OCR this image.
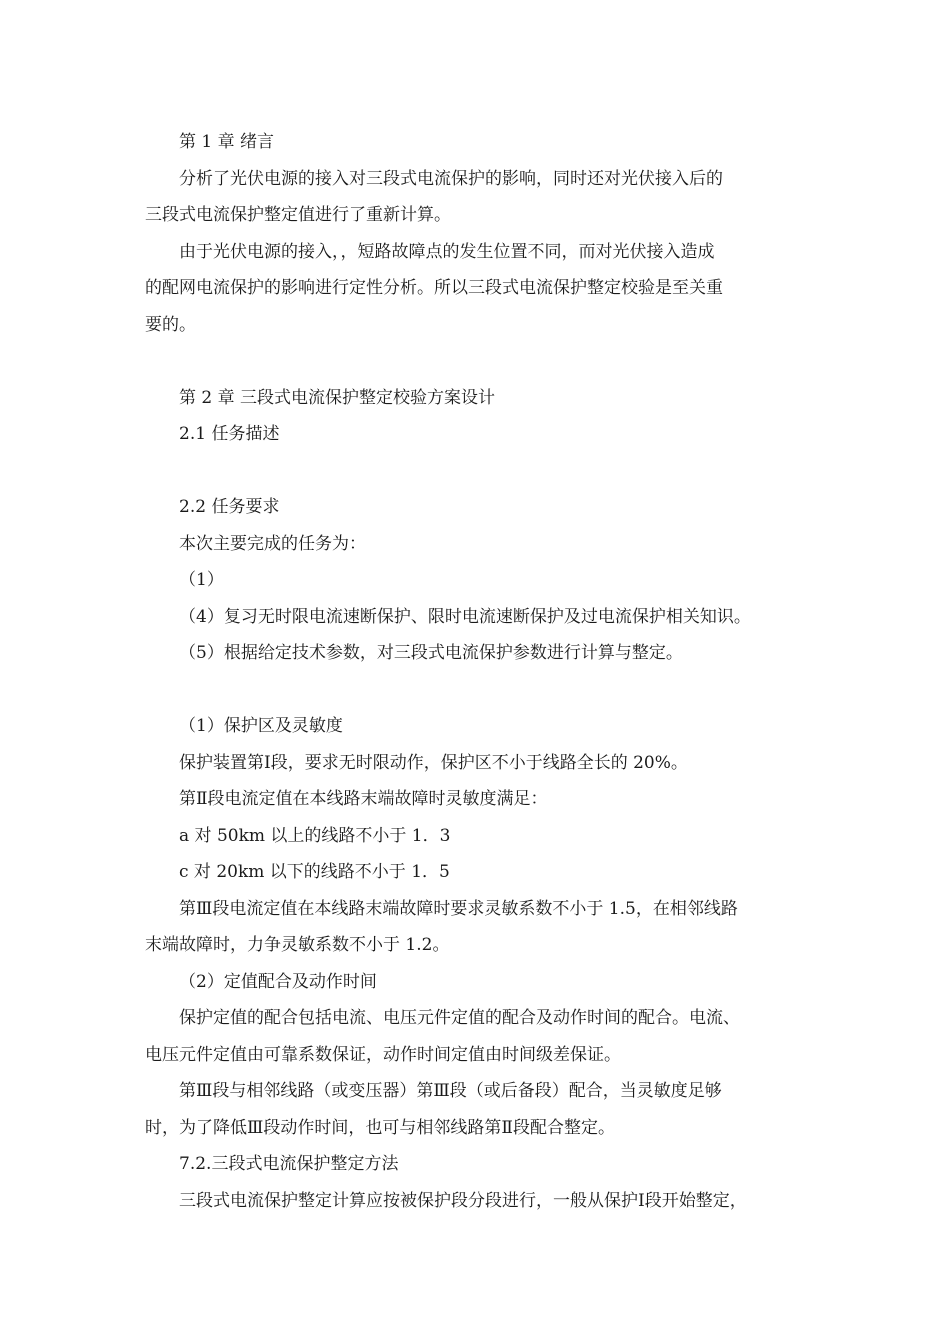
第 1 章 绪言

分析了光伏电源的接入对三段式电流保护的影响，同时还对光伏接入后的

三段式电流保护整定值进行了重新计算。

由于光伏电源的接入，，短路故障点的发生位置不同，而对光伏接入造成

的配网电流保护的影响进行定性分析。所以三段式电流保护整定校验是至关重

要的。

第 2 章 三段式电流保护整定校验方案设计

2.1 任务描述

2.2 任务要求

本次主要完成的任务为：

（1）

（4）复习无时限电流速断保护、限时电流速断保护及过电流保护相关知识。

（5）根据给定技术参数，对三段式电流保护参数进行计算与整定。

（1）保护区及灵敏度

保护装置第Ⅰ段，要求无时限动作，保护区不小于线路全长的 20%。

第Ⅱ段电流定值在本线路末端故障时灵敏度满足：

a 对 50km 以上的线路不小于 1．3

c 对 20km 以下的线路不小于 1．5

第Ⅲ段电流定值在本线路末端故障时要求灵敏系数不小于 1.5，在相邻线路

末端故障时，力争灵敏系数不小于 1.2。

（2）定值配合及动作时间

保护定值的配合包括电流、电压元件定值的配合及动作时间的配合。电流、

电压元件定值由可靠系数保证，动作时间定值由时间级差保证。

第Ⅲ段与相邻线路（或变压器）第Ⅲ段（或后备段）配合，当灵敏度足够

时，为了降低Ⅲ段动作时间，也可与相邻线路第Ⅱ段配合整定。

7.2.三段式电流保护整定方法

三段式电流保护整定计算应按被保护段分段进行，一般从保护Ⅰ段开始整定，
